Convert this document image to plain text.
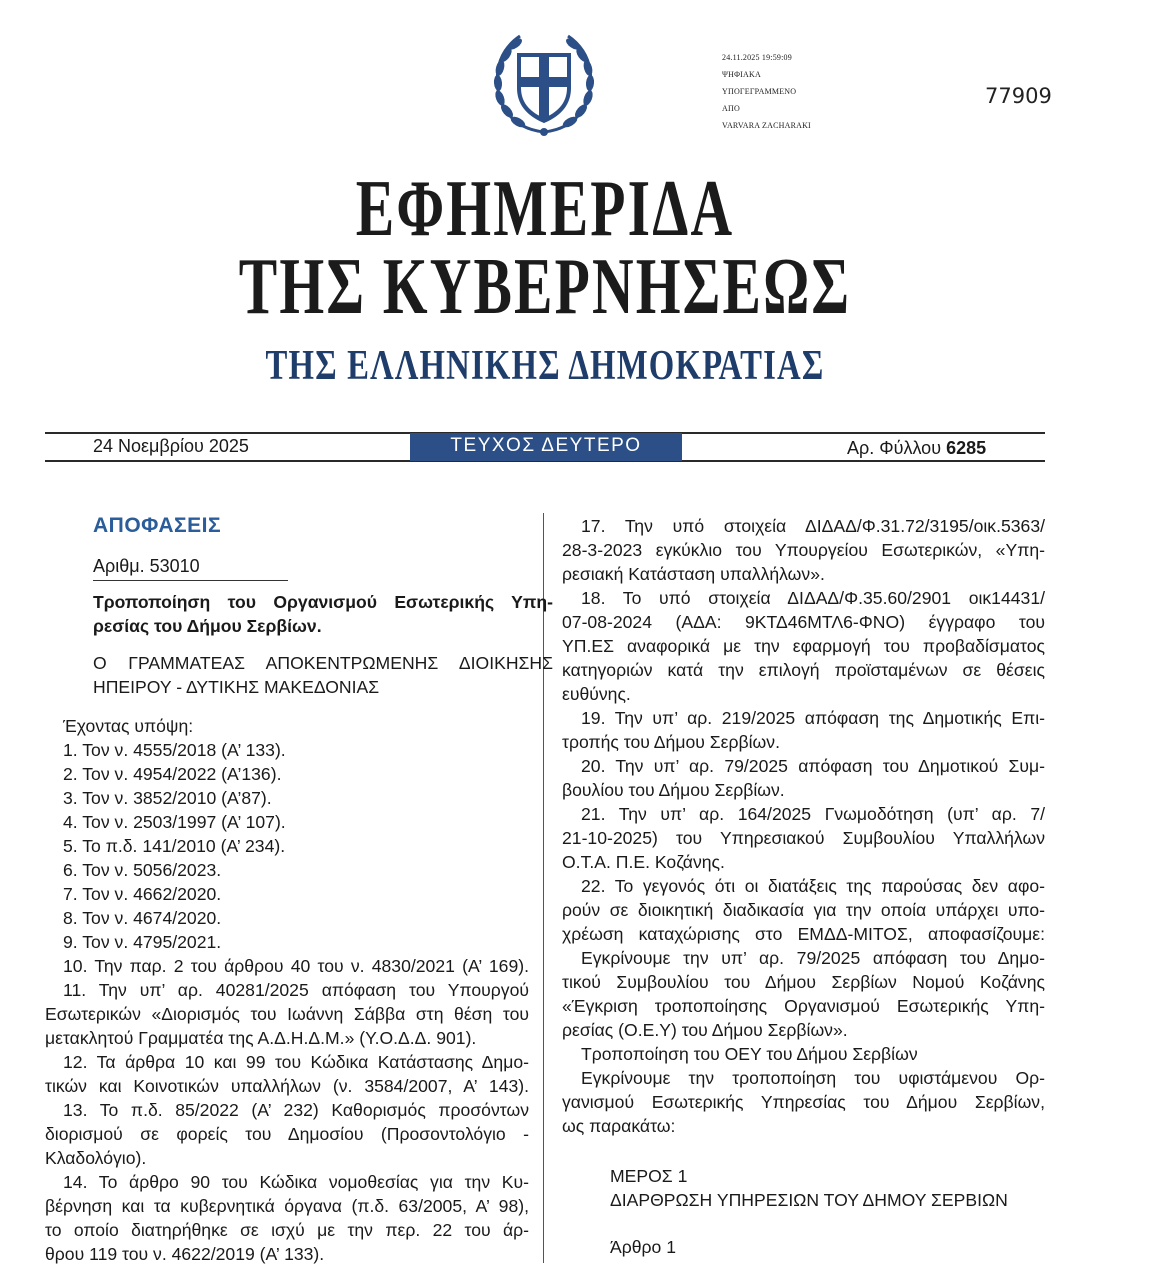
24.11.2025 19:59:09
ΨΗΦΙΑΚΑ
ΥΠΟΓΕΓΡΑΜΜΕΝΟ
ΑΠΟ
VARVARA ZACHARAKI
77909
ΕΦΗΜΕΡΙΔΑ
ΤΗΣ ΚΥΒΕΡΝΗΣΕΩΣ
ΤΗΣ ΕΛΛΗΝΙΚΗΣ ΔΗΜΟΚΡΑΤΙΑΣ
24 Νοεμβρίου 2025	ΤΕΥΧΟΣ ΔΕΥΤΕΡΟ	Αρ. Φύλλου 6285
ΑΠΟΦΑΣΕΙΣ
Αριθμ. 53010
Τροποποίηση του Οργανισμού Εσωτερικής Υπη-
ρεσίας του Δήμου Σερβίων.
Ο ΓΡΑΜΜΑΤΕΑΣ ΑΠΟΚΕΝΤΡΩΜΕΝΗΣ ΔΙΟΙΚΗΣΗΣ
ΗΠΕΙΡΟΥ - ΔΥΤΙΚΗΣ ΜΑΚΕΔΟΝΙΑΣ
Έχοντας υπόψη:
1. Τον ν. 4555/2018 (Α’ 133).
2. Τον ν. 4954/2022 (Α’136).
3. Τον ν. 3852/2010 (Α’87).
4. Τον ν. 2503/1997 (Α’ 107).
5. Το π.δ. 141/2010 (Α’ 234).
6. Τον ν. 5056/2023.
7. Τον ν. 4662/2020.
8. Τον ν. 4674/2020.
9. Τον ν. 4795/2021.
10. Την παρ. 2 του άρθρου 40 του ν. 4830/2021 (Α’ 169).
11. Την υπ’ αρ. 40281/2025 απόφαση του Υπουργού
Εσωτερικών «Διορισμός του Ιωάννη Σάββα στη θέση του
μετακλητού Γραμματέα της Α.Δ.Η.Δ.Μ.» (Υ.Ο.Δ.Δ. 901).
12. Τα άρθρα 10 και 99 του Κώδικα Κατάστασης Δημο-
τικών και Κοινοτικών υπαλλήλων (ν. 3584/2007, Α’ 143).
13. Το π.δ. 85/2022 (Α’ 232) Καθορισμός προσόντων
διορισμού σε φορείς του Δημοσίου (Προσοντολόγιο -
Κλαδολόγιο).
14. Το άρθρο 90 του Κώδικα νομοθεσίας για την Κυ-
βέρνηση και τα κυβερνητικά όργανα (π.δ. 63/2005, Α’ 98),
το οποίο διατηρήθηκε σε ισχύ με την περ. 22 του άρ-
θρου 119 του ν. 4622/2019 (Α’ 133).
17. Την υπό στοιχεία ΔΙΔΑΔ/Φ.31.72/3195/οικ.5363/
28-3-2023 εγκύκλιο του Υπουργείου Εσωτερικών, «Υπη-
ρεσιακή Κατάσταση υπαλλήλων».
18. Το υπό στοιχεία ΔΙΔΑΔ/Φ.35.60/2901 οικ14431/
07-08-2024 (ΑΔΑ: 9ΚΤΔ46ΜΤΛ6-ΦΝΟ) έγγραφο του
ΥΠ.ΕΣ αναφορικά με την εφαρμογή του προβαδίσματος
κατηγοριών κατά την επιλογή προϊσταμένων σε θέσεις
ευθύνης.
19. Την υπ’ αρ. 219/2025 απόφαση της Δημοτικής Επι-
τροπής του Δήμου Σερβίων.
20. Την υπ’ αρ. 79/2025 απόφαση του Δημοτικού Συμ-
βουλίου του Δήμου Σερβίων.
21. Την υπ’ αρ. 164/2025 Γνωμοδότηση (υπ’ αρ. 7/
21-10-2025) του Υπηρεσιακού Συμβουλίου Υπαλλήλων
Ο.Τ.Α. Π.Ε. Κοζάνης.
22. Το γεγονός ότι οι διατάξεις της παρούσας δεν αφο-
ρούν σε διοικητική διαδικασία για την οποία υπάρχει υπο-
χρέωση καταχώρισης στο ΕΜΔΔ-ΜΙΤΟΣ, αποφασίζουμε:
Εγκρίνουμε την υπ’ αρ. 79/2025 απόφαση του Δημο-
τικού Συμβουλίου του Δήμου Σερβίων Νομού Κοζάνης
«Έγκριση τροποποίησης Οργανισμού Εσωτερικής Υπη-
ρεσίας (Ο.Ε.Υ) του Δήμου Σερβίων».
Τροποποίηση του ΟΕΥ του Δήμου Σερβίων
Εγκρίνουμε την τροποποίηση του υφιστάμενου Ορ-
γανισμού Εσωτερικής Υπηρεσίας του Δήμου Σερβίων,
ως παρακάτω:
ΜΕΡΟΣ 1
ΔΙΑΡΘΡΩΣΗ ΥΠΗΡΕΣΙΩΝ ΤΟΥ ΔΗΜΟΥ ΣΕΡΒΙΩΝ
Άρθρο 1
